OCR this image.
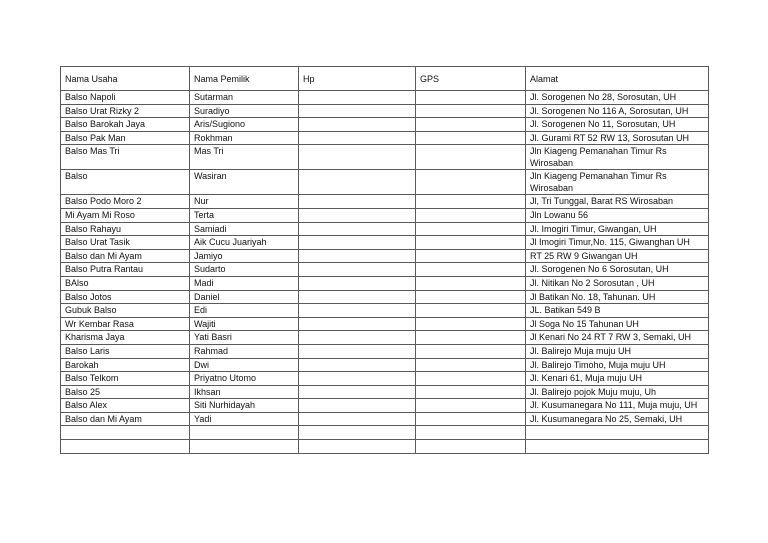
Nama Usaha	Nama Pemilik	Hp	GPS	Alamat
Balso Napoli	Sutarman			Jl. Sorogenen No 28, Sorosutan, UH
Balso Urat Rizky 2	Suradiyo			Jl. Sorogenen No 116 A, Sorosutan, UH
Balso Barokah Jaya	Aris/Sugiono			Jl. Sorogenen No 11, Sorosutan, UH
Balso Pak Man	Rokhman			Jl. Gurami RT 52 RW 13, Sorosutan UH
Balso Mas Tri	Mas Tri			Jln Kiageng Pemanahan Timur Rs Wirosaban
Balso	Wasiran			Jln Kiageng Pemanahan Timur Rs Wirosaban
Balso Podo Moro 2	Nur			Jl, Tri Tunggal, Barat RS Wirosaban
Mi Ayam Mi Roso	Terta			Jln Lowanu 56
Balso Rahayu	Samiadi			Jl. Imogiri Timur, Giwangan, UH
Balso Urat Tasik	Aik Cucu Juariyah			Jl Imogiri Timur,No. 115, Giwanghan UH
Balso dan Mi Ayam	Jamiyo			RT 25 RW 9 Giwangan UH
Balso Putra Rantau	Sudarto			Jl. Sorogenen No 6 Sorosutan, UH
BAlso	Madi			Jl. Nitikan No 2 Sorosutan , UH
Balso Jotos	Daniel			Jl Batikan No. 18, Tahunan. UH
Gubuk Balso	Edi			JL. Batikan 549 B
Wr Kembar Rasa	Wajiti			Jl Soga No 15 Tahunan UH
Kharisma Jaya	Yati Basri			Jl Kenari No 24 RT 7 RW 3, Semaki, UH
Balso Laris	Rahmad			Jl. Balirejo Muja muju UH
Barokah	Dwi			Jl. Balirejo Timoho, Muja muju UH
Balso Telkom	Priyatno Utomo			Jl. Kenari 61, Muja muju UH
Balso 25	Ikhsan			Jl. Balirejo pojok Muju muju, Uh
Balso Alex	Siti Nurhidayah			Jl. Kusumanegara No 111, Muja muju, UH
Balso dan Mi Ayam	Yadi			Jl. Kusumanegara No 25, Semaki, UH
